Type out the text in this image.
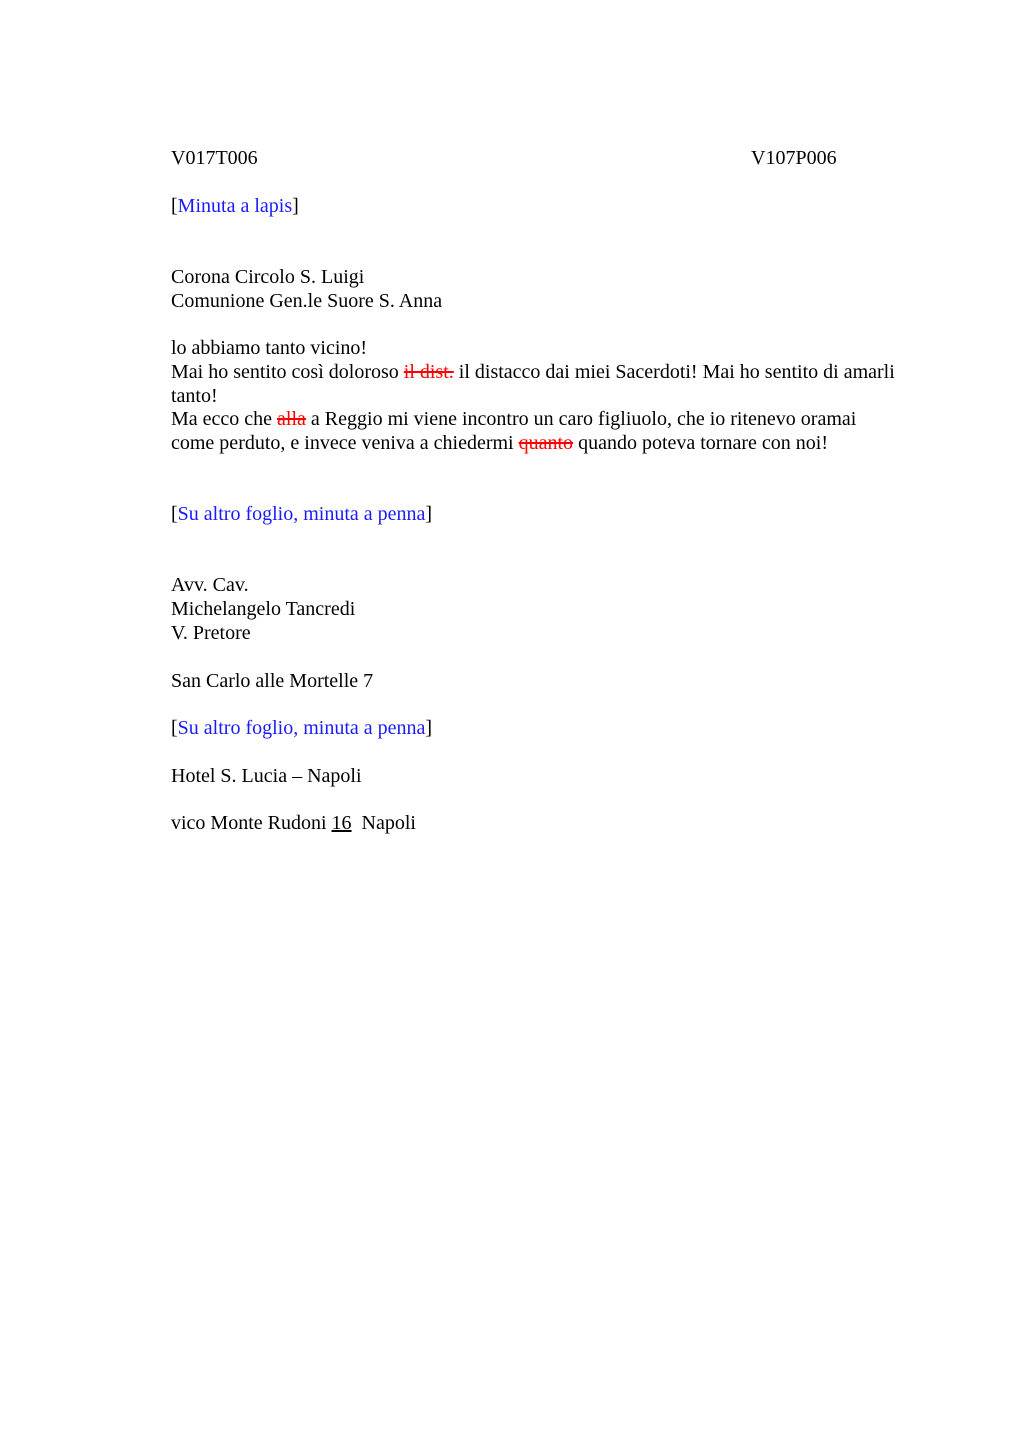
V017T006	V107P006
[Minuta a lapis]
Corona Circolo S. Luigi
Comunione Gen.le Suore S. Anna
lo abbiamo tanto vicino!
Mai ho sentito così doloroso il dist. il distacco dai miei Sacerdoti! Mai ho sentito di amarli
tanto!
Ma ecco che alla a Reggio mi viene incontro un caro figliuolo, che io ritenevo oramai
come perduto, e invece veniva a chiedermi quanto quando poteva tornare con noi!
[Su altro foglio, minuta a penna]
Avv. Cav.
Michelangelo Tancredi
V. Pretore
San Carlo alle Mortelle 7
[Su altro foglio, minuta a penna]
Hotel S. Lucia – Napoli
vico Monte Rudoni 16  Napoli
